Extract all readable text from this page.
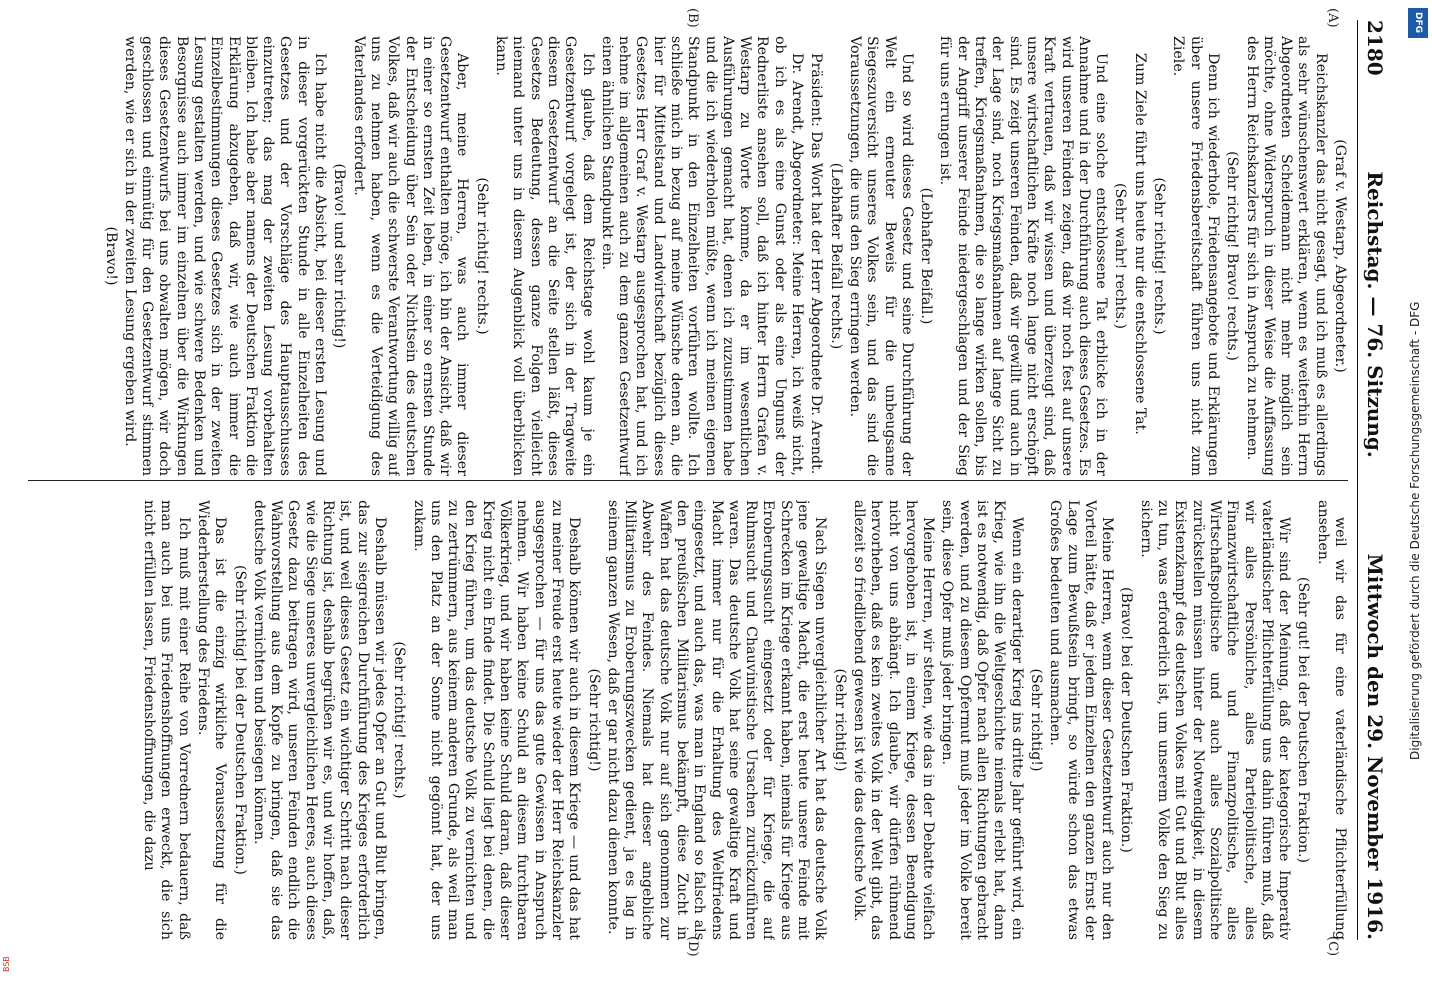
2180
Reichstag. — 76. Sitzung.
Mittwoch den 29. November 1916.
(A)
(B)
(C)
(D)

(Graf v. Westarp, Abgeordneter.)

Reichskanzler das nicht gesagt, und ich muß es allerdings als sehr wünschenswert erklären, wenn es weiterhin Herrn Abgeordneten Scheidemann nicht mehr möglich sein möchte, ohne Widerspruch in dieser Weise die Auffassung des Herrn Reichskanzlers für sich in Anspruch zu nehmen.

(Sehr richtig! Bravo! rechts.)

Denn ich wiederhole, Friedensangebote und Erklärungen über unsere Friedensbereitschaft führen uns nicht zum Ziele.

(Sehr richtig! rechts.)

Zum Ziele führt uns heute nur die entschlossene Tat.

(Sehr wahr! rechts.)

Und eine solche entschlossene Tat erblicke ich in der Annahme und in der Durchführung auch dieses Gesetzes. Es wird unseren Feinden zeigen, daß wir noch fest auf unsere Kraft vertrauen, daß wir wissen und überzeugt sind, daß unsere wirtschaftlichen Kräfte noch lange nicht erschöpft sind. Es zeigt unseren Feinden, daß wir gewillt und auch in der Lage sind, noch Kriegsmaßnahmen auf lange Sicht zu treffen, Kriegsmaßnahmen, die so lange wirken sollen, bis der Angriff unserer Feinde niedergeschlagen und der Sieg für uns errungen ist.

(Lebhafter Beifall.)

Und so wird dieses Gesetz und seine Durchführung der Welt ein erneuter Beweis für die unbeugsame Siegeszuversicht unseres Volkes sein, und das sind die Voraussetzungen, die uns den Sieg erringen werden.

(Lebhafter Beifall rechts.)

Präsident: Das Wort hat der Herr Abgeordnete Dr. Arendt.

Dr. Arendt, Abgeordneter: Meine Herren, ich weiß nicht, ob ich es als eine Gunst oder als eine Ungunst der Rednerliste ansehen soll, daß ich hinter Herrn Grafen v. Westarp zu Worte komme, da er im wesentlichen Ausführungen gemacht hat, denen ich zuzustimmen habe und die ich wiederholen müßte, wenn ich meinen eigenen Standpunkt in den Einzelheiten vorführen wollte. Ich schließe mich in bezug auf meine Wünsche denen an, die hier für Mittelstand und Landwirtschaft bezüglich dieses Gesetzes Herr Graf v. Westarp ausgesprochen hat, und ich nehme im allgemeinen auch zu dem ganzen Gesetzentwurf einen ähnlichen Standpunkt ein.

Ich glaube, daß dem Reichstage wohl kaum je ein Gesetzentwurf vorgelegt ist, der sich in der Tragweite diesem Gesetzentwurf an die Seite stellen läßt, dieses Gesetzes Bedeutung, dessen ganze Folgen vielleicht niemand unter uns in diesem Augenblick voll überblicken kann.

(Sehr richtig! rechts.)

Aber, meine Herren, was auch immer dieser Gesetzentwurf enthalten möge, ich bin der Ansicht, daß wir in einer so ernsten Zeit leben, in einer so ernsten Stunde der Entscheidung über Sein oder Nichtsein des deutschen Volkes, daß wir auch die schwerste Verantwortung willig auf uns zu nehmen haben, wenn es die Verteidigung des Vaterlandes erfordert.

(Bravo! und sehr richtig!)

Ich habe nicht die Absicht, bei dieser ersten Lesung und in dieser vorgerückten Stunde in alle Einzelheiten des Gesetzes und der Vorschläge des Hauptausschusses einzutreten; das mag der zweiten Lesung vorbehalten bleiben. Ich habe aber namens der Deutschen Fraktion die Erklärung abzugeben, daß wir, wie auch immer die Einzelbestimmungen dieses Gesetzes sich in der zweiten Lesung gestalten werden, und wie schwere Bedenken und Besorgnisse auch immer im einzelnen über die Wirkungen dieses Gesetzentwurfs bei uns obwalten mögen, wir doch geschlossen und einmütig für den Gesetzentwurf stimmen werden, wie er sich in der zweiten Lesung ergeben wird.

(Bravo!)

weil wir das für eine vaterländische Pflichterfüllung ansehen.

(Sehr gut! bei der Deutschen Fraktion.)

Wir sind der Meinung, daß der kategorische Imperativ vaterländischer Pflichterfüllung uns dahin führen muß, daß wir alles Persönliche, alles Parteipolitische, alles Finanzwirtschaftliche und Finanzpolitische, alles Wirtschaftspolitische und auch alles Sozialpolitische zurückstellen müssen hinter der Notwendigkeit, in diesem Existenzkampf des deutschen Volkes mit Gut und Blut alles zu tun, was erforderlich ist, um unserem Volke den Sieg zu sichern.

(Bravo! bei der Deutschen Fraktion.)

Meine Herren, wenn dieser Gesetzentwurf auch nur den Vorteil hätte, daß er jedem Einzelnen den ganzen Ernst der Lage zum Bewußtsein bringt, so würde schon das etwas Großes bedeuten und ausmachen.

(Sehr richtig!)

Wenn ein derartiger Krieg ins dritte Jahr geführt wird, ein Krieg, wie ihn die Weltgeschichte niemals erlebt hat, dann ist es notwendig, daß Opfer nach allen Richtungen gebracht werden, und zu diesem Opfermut muß jeder im Volke bereit sein, diese Opfer muß jeder bringen.

Meine Herren, wir stehen, wie das in der Debatte vielfach hervorgehoben ist, in einem Kriege, dessen Beendigung nicht von uns abhängt. Ich glaube, wir dürfen rühmend hervorheben, daß es kein zweites Volk in der Welt gibt, das allezeit so friedliebend gewesen ist wie das deutsche Volk.

(Sehr richtig!)

Nach Siegen unvergleichlicher Art hat das deutsche Volk jene gewaltige Macht, die erst heute unsere Feinde mit Schrecken im Kriege erkannt haben, niemals für Kriege aus Eroberungssucht eingesetzt oder für Kriege, die auf Ruhmsucht und Chauvinistische Ursachen zurückzuführen waren. Das deutsche Volk hat seine gewaltige Kraft und Macht immer nur für die Erhaltung des Weltfriedens eingesetzt, und auch das, was man in England so falsch als den preußischen Militarismus bekämpft, diese Zucht in Waffen hat das deutsche Volk nur auf sich genommen zur Abwehr des Feindes. Niemals hat dieser angebliche Militarismus zu Eroberungszwecken gedient, ja es lag in seinem ganzen Wesen, daß er gar nicht dazu dienen konnte.

(Sehr richtig!)

Deshalb können wir auch in diesem Kriege — und das hat zu meiner Freude erst heute wieder der Herr Reichskanzler ausgesprochen — für uns das gute Gewissen in Anspruch nehmen. Wir haben keine Schuld an diesem furchtbaren Völkerkrieg, und wir haben keine Schuld daran, daß dieser Krieg nicht ein Ende findet. Die Schuld liegt bei denen, die den Krieg führen, um das deutsche Volk zu vernichten und zu zertrümmern, aus keinem anderen Grunde, als weil man uns den Platz an der Sonne nicht gegönnt hat, der uns zukam.

(Sehr richtig! rechts.)

Deshalb müssen wir jedes Opfer an Gut und Blut bringen, das zur siegreichen Durchführung des Krieges erforderlich ist, und weil dieses Gesetz ein wichtiger Schritt nach dieser Richtung ist, deshalb begrüßen wir es, und wir hoffen, daß, wie die Siege unseres unvergleichlichen Heeres, auch dieses Gesetz dazu beitragen wird, unseren Feinden endlich die Wahnvorstellung aus dem Kopfe zu bringen, daß sie das deutsche Volk vernichten und besiegen können.

(Sehr richtig! bei der Deutschen Fraktion.)

Das ist die einzig wirkliche Voraussetzung für die Wiederherstellung des Friedens.

Ich muß mit einer Reihe von Vorrednern bedauern, daß man auch bei uns Friedenshoffnungen erweckt, die sich nicht erfüllen lassen, Friedenshoffnungen, die dazu

DFG
Digitalisierung gefördert durch die Deutsche Forschungsgemeinschaft - DFG
BSB
